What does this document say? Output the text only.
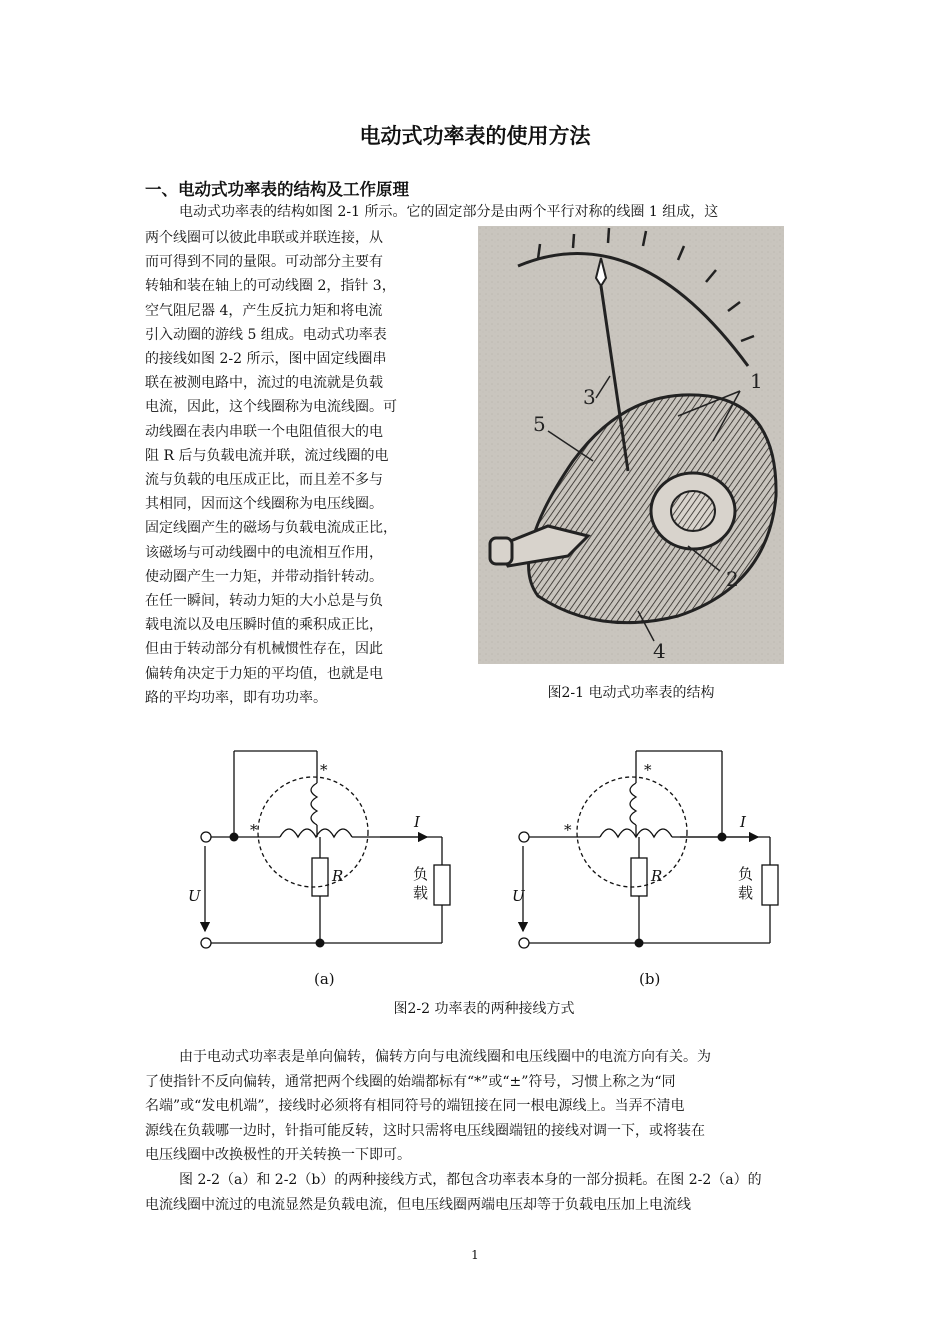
电动式功率表的使用方法
一、电动式功率表的结构及工作原理
电动式功率表的结构如图 2-1 所示。它的固定部分是由两个平行对称的线圈 1 组成，这
两个线圈可以彼此串联或并联连接，从
而可得到不同的量限。可动部分主要有
转轴和装在轴上的可动线圈 2，指针 3，
空气阻尼器 4，产生反抗力矩和将电流
引入动圈的游线 5 组成。电动式功率表
的接线如图 2-2 所示，图中固定线圈串
联在被测电路中，流过的电流就是负载
电流，因此，这个线圈称为电流线圈。可
动线圈在表内串联一个电阻值很大的电
阻 R 后与负载电流并联，流过线圈的电
流与负载的电压成正比，而且差不多与
其相同，因而这个线圈称为电压线圈。
固定线圈产生的磁场与负载电流成正比，
该磁场与可动线圈中的电流相互作用，
使动圈产生一力矩，并带动指针转动。
在任一瞬间，转动力矩的大小总是与负
载电流以及电压瞬时值的乘积成正比，
但由于转动部分有机械惯性存在，因此
偏转角决定于力矩的平均值，也就是电
路的平均功率，即有功功率。
1
2
3
4
5
图2-1 电动式功率表的结构
*
*
*
*
I	I
R	R
U	U
负
载
负
载
(a)	(b)
图2-2 功率表的两种接线方式
由于电动式功率表是单向偏转，偏转方向与电流线圈和电压线圈中的电流方向有关。为
了使指针不反向偏转，通常把两个线圈的始端都标有“*”或“±”符号，习惯上称之为“同
名端”或“发电机端”，接线时必须将有相同符号的端钮接在同一根电源线上。当弄不清电
源线在负载哪一边时，针指可能反转，这时只需将电压线圈端钮的接线对调一下，或将装在
电压线圈中改换极性的开关转换一下即可。
图 2-2（a）和 2-2（b）的两种接线方式，都包含功率表本身的一部分损耗。在图 2-2（a）的
电流线圈中流过的电流显然是负载电流，但电压线圈两端电压却等于负载电压加上电流线
1
